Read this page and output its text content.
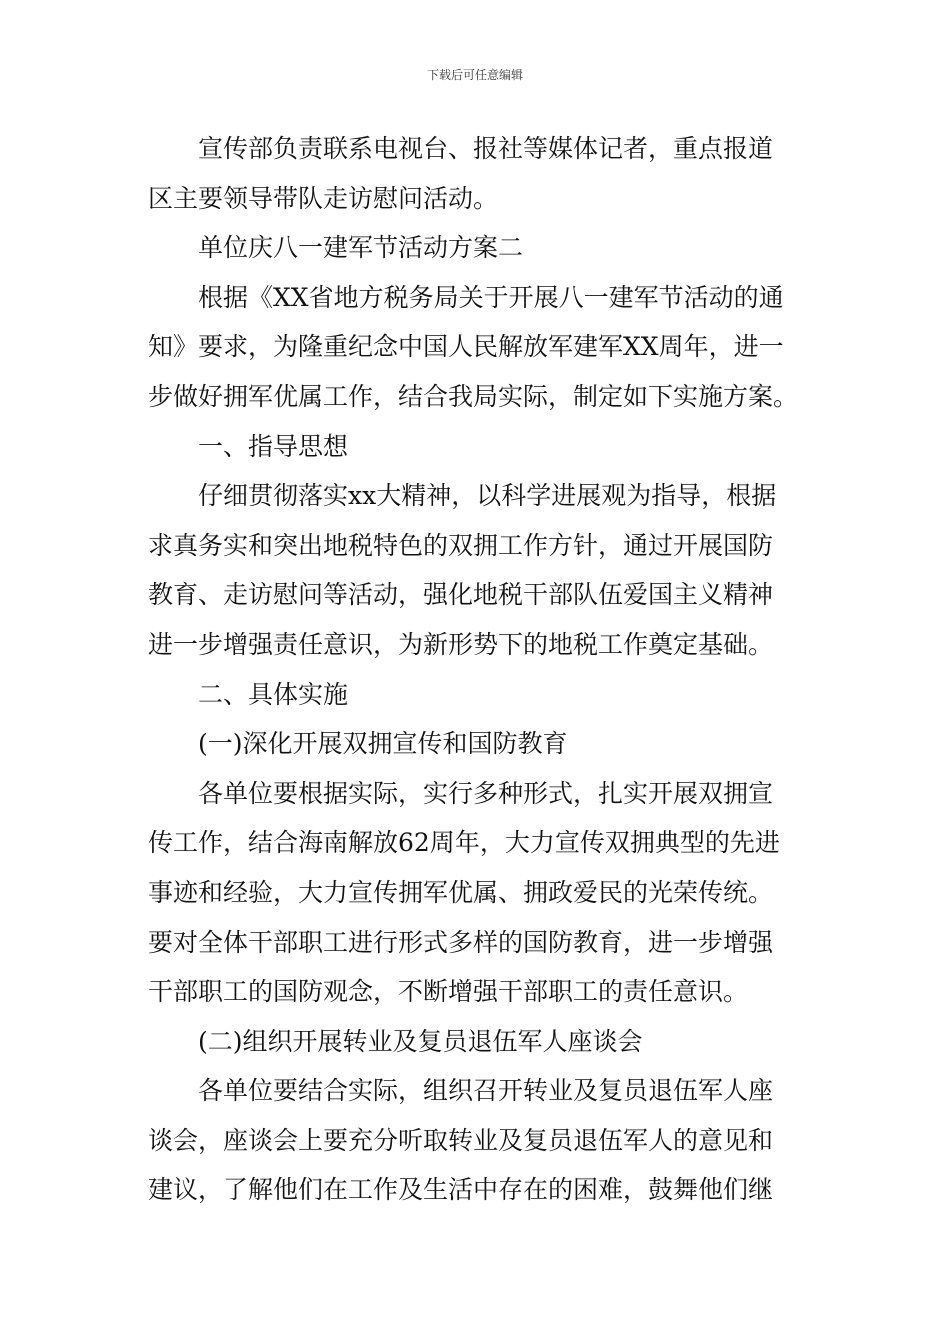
下载后可任意编辑
宣传部负责联系电视台、报社等媒体记者，重点报道
区主要领导带队走访慰问活动。
单位庆八一建军节活动方案二
根据《XX省地方税务局关于开展八一建军节活动的通
知》要求，为隆重纪念中国人民解放军建军XX周年，进一
步做好拥军优属工作，结合我局实际，制定如下实施方案。
一、指导思想
仔细贯彻落实xx大精神，以科学进展观为指导，根据
求真务实和突出地税特色的双拥工作方针，通过开展国防
教育、走访慰问等活动，强化地税干部队伍爱国主义精神
进一步增强责任意识，为新形势下的地税工作奠定基础。
二、具体实施
(一)深化开展双拥宣传和国防教育
各单位要根据实际，实行多种形式，扎实开展双拥宣
传工作，结合海南解放62周年，大力宣传双拥典型的先进
事迹和经验，大力宣传拥军优属、拥政爱民的光荣传统。
要对全体干部职工进行形式多样的国防教育，进一步增强
干部职工的国防观念，不断增强干部职工的责任意识。
(二)组织开展转业及复员退伍军人座谈会
各单位要结合实际，组织召开转业及复员退伍军人座
谈会，座谈会上要充分听取转业及复员退伍军人的意见和
建议，了解他们在工作及生活中存在的困难，鼓舞他们继
